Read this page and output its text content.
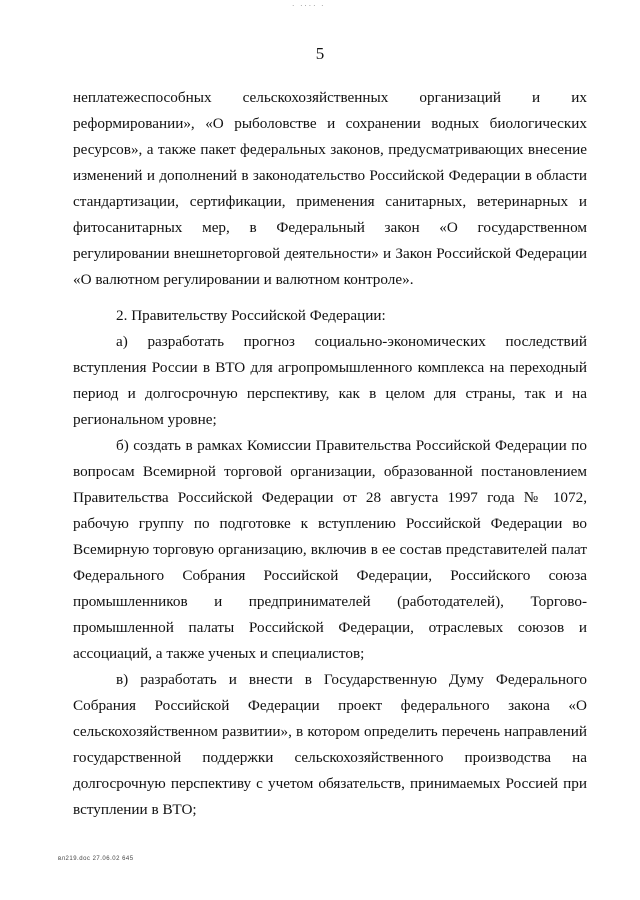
· ···· ·
5

неплатежеспособных сельскохозяйственных организаций и их реформировании», «О рыболовстве и сохранении водных биологических ресурсов», а также пакет федеральных законов, предусматривающих внесение изменений и дополнений в законодательство Российской Федерации в области стандартизации, сертификации, применения санитарных, ветеринарных и фитосанитарных мер, в Федеральный закон «О государственном регулировании внешнеторговой деятельности» и Закон Российской Федерации «О валютном регулировании и валютном контроле».

2. Правительству Российской Федерации:

а) разработать прогноз социально-экономических последствий вступления России в ВТО для агропромышленного комплекса на переходный период и долгосрочную перспективу, как в целом для страны, так и на региональном уровне;

б) создать в рамках Комиссии Правительства Российской Федерации по вопросам Всемирной торговой организации, образованной постановлением Правительства Российской Федерации от 28 августа 1997 года № 1072, рабочую группу по подготовке к вступлению Российской Федерации во Всемирную торговую организацию, включив в ее состав представителей палат Федерального Собрания Российской Федерации, Российского союза промышленников и предпринимателей (работодателей), Торгово-промышленной палаты Российской Федерации, отраслевых союзов и ассоциаций, а также ученых и специалистов;

в) разработать и внести в Государственную Думу Федерального Собрания Российской Федерации проект федерального закона «О сельскохозяйственном развитии», в котором определить перечень направлений государственной поддержки сельскохозяйственного производства на долгосрочную перспективу с учетом обязательств, принимаемых Россией при вступлении в ВТО;

вл219.doc 27.06.02 645
